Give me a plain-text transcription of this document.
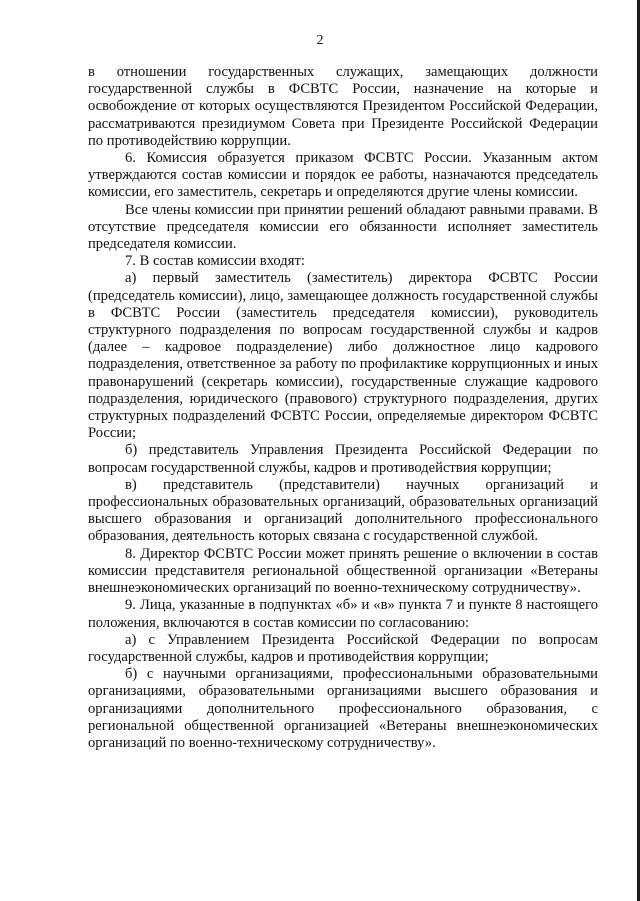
2

в отношении государственных служащих, замещающих должности государственной службы в ФСВТС России, назначение на которые и освобождение от которых осуществляются Президентом Российской Федерации, рассматриваются президиумом Совета при Президенте Российской Федерации по противодействию коррупции.

6. Комиссия образуется приказом ФСВТС России. Указанным актом утверждаются состав комиссии и порядок ее работы, назначаются председатель комиссии, его заместитель, секретарь и определяются другие члены комиссии.

Все члены комиссии при принятии решений обладают равными правами. В отсутствие председателя комиссии его обязанности исполняет заместитель председателя комиссии.

7. В состав комиссии входят:

а) первый заместитель (заместитель) директора ФСВТС России (председатель комиссии), лицо, замещающее должность государственной службы в ФСВТС России (заместитель председателя комиссии), руководитель структурного подразделения по вопросам государственной службы и кадров (далее – кадровое подразделение) либо должностное лицо кадрового подразделения, ответственное за работу по профилактике коррупционных и иных правонарушений (секретарь комиссии), государственные служащие кадрового подразделения, юридического (правового) структурного подразделения, других структурных подразделений ФСВТС России, определяемые директором ФСВТС России;

б) представитель Управления Президента Российской Федерации по вопросам государственной службы, кадров и противодействия коррупции;

в) представитель (представители) научных организаций и профессиональных образовательных организаций, образовательных организаций высшего образования и организаций дополнительного профессионального образования, деятельность которых связана с государственной службой.

8. Директор ФСВТС России может принять решение о включении в состав комиссии представителя региональной общественной организации «Ветераны внешнеэкономических организаций по военно-техническому сотрудничеству».

9. Лица, указанные в подпунктах «б» и «в» пункта 7 и пункте 8 настоящего положения, включаются в состав комиссии по согласованию:

а) с Управлением Президента Российской Федерации по вопросам государственной службы, кадров и противодействия коррупции;

б) с научными организациями, профессиональными образовательными организациями, образовательными организациями высшего образования и организациями дополнительного профессионального образования, с региональной общественной организацией «Ветераны внешнеэкономических организаций по военно-техническому сотрудничеству».
